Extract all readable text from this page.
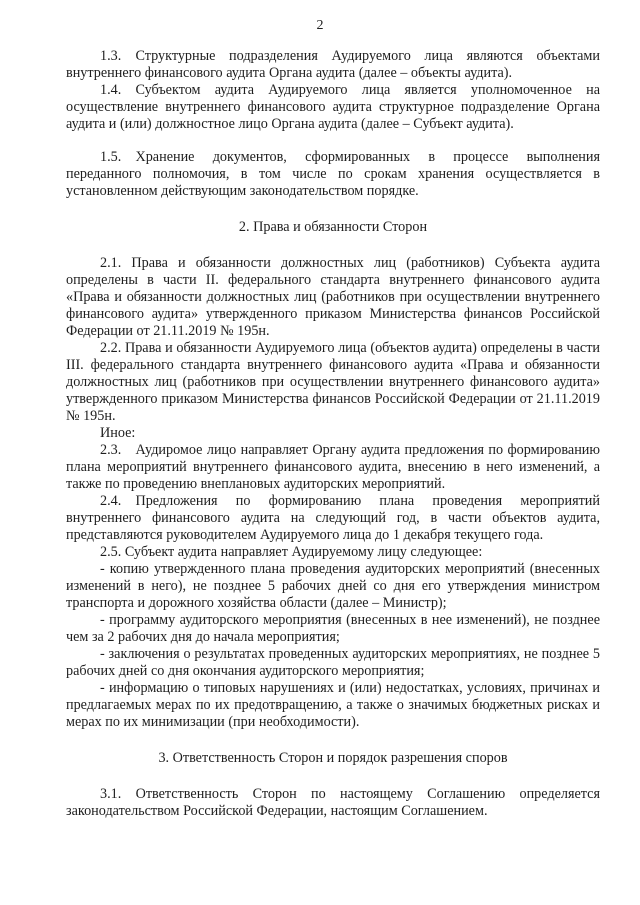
2

1.3. Структурные подразделения Аудируемого лица являются объектами внутреннего финансового аудита Органа аудита (далее – объекты аудита).

1.4. Субъектом аудита Аудируемого лица является уполномоченное на осуществление внутреннего финансового аудита структурное подразделение Органа аудита и (или) должностное лицо Органа аудита (далее – Субъект аудита).

1.5. Хранение документов, сформированных в процессе выполнения переданного полномочия, в том числе по срокам хранения осуществляется в установленном действующим законодательством порядке.

2. Права и обязанности Сторон

2.1. Права и обязанности должностных лиц (работников) Субъекта аудита определены в части II. федерального стандарта внутреннего финансового аудита «Права и обязанности должностных лиц (работников при осуществлении внутреннего финансового аудита» утвержденного приказом Министерства финансов Российской Федерации от 21.11.2019 № 195н.

2.2. Права и обязанности Аудируемого лица (объектов аудита) определены в части III. федерального стандарта внутреннего финансового аудита «Права и обязанности должностных лиц (работников при осуществлении внутреннего финансового аудита» утвержденного приказом Министерства финансов Российской Федерации от 21.11.2019 № 195н.

Иное:

2.3. Аудиромое лицо направляет Органу аудита предложения по формированию плана мероприятий внутреннего финансового аудита, внесению в него изменений, а также по проведению внеплановых аудиторских мероприятий.

2.4. Предложения по формированию плана проведения мероприятий внутреннего финансового аудита на следующий год, в части объектов аудита, представляются руководителем Аудируемого лица до 1 декабря текущего года.

2.5. Субъект аудита направляет Аудируемому лицу следующее:

- копию утвержденного плана проведения аудиторских мероприятий (внесенных изменений в него), не позднее 5 рабочих дней со дня его утверждения министром транспорта и дорожного хозяйства области (далее – Министр);

- программу аудиторского мероприятия (внесенных в нее изменений), не позднее чем за 2 рабочих дня до начала мероприятия;

- заключения о результатах проведенных аудиторских мероприятиях, не позднее 5 рабочих дней со дня окончания аудиторского мероприятия;

- информацию о типовых нарушениях и (или) недостатках, условиях, причинах и предлагаемых мерах по их предотвращению, а также о значимых бюджетных рисках и мерах по их минимизации (при необходимости).

3. Ответственность Сторон и порядок разрешения споров

3.1. Ответственность Сторон по настоящему Соглашению определяется законодательством Российской Федерации, настоящим Соглашением.
